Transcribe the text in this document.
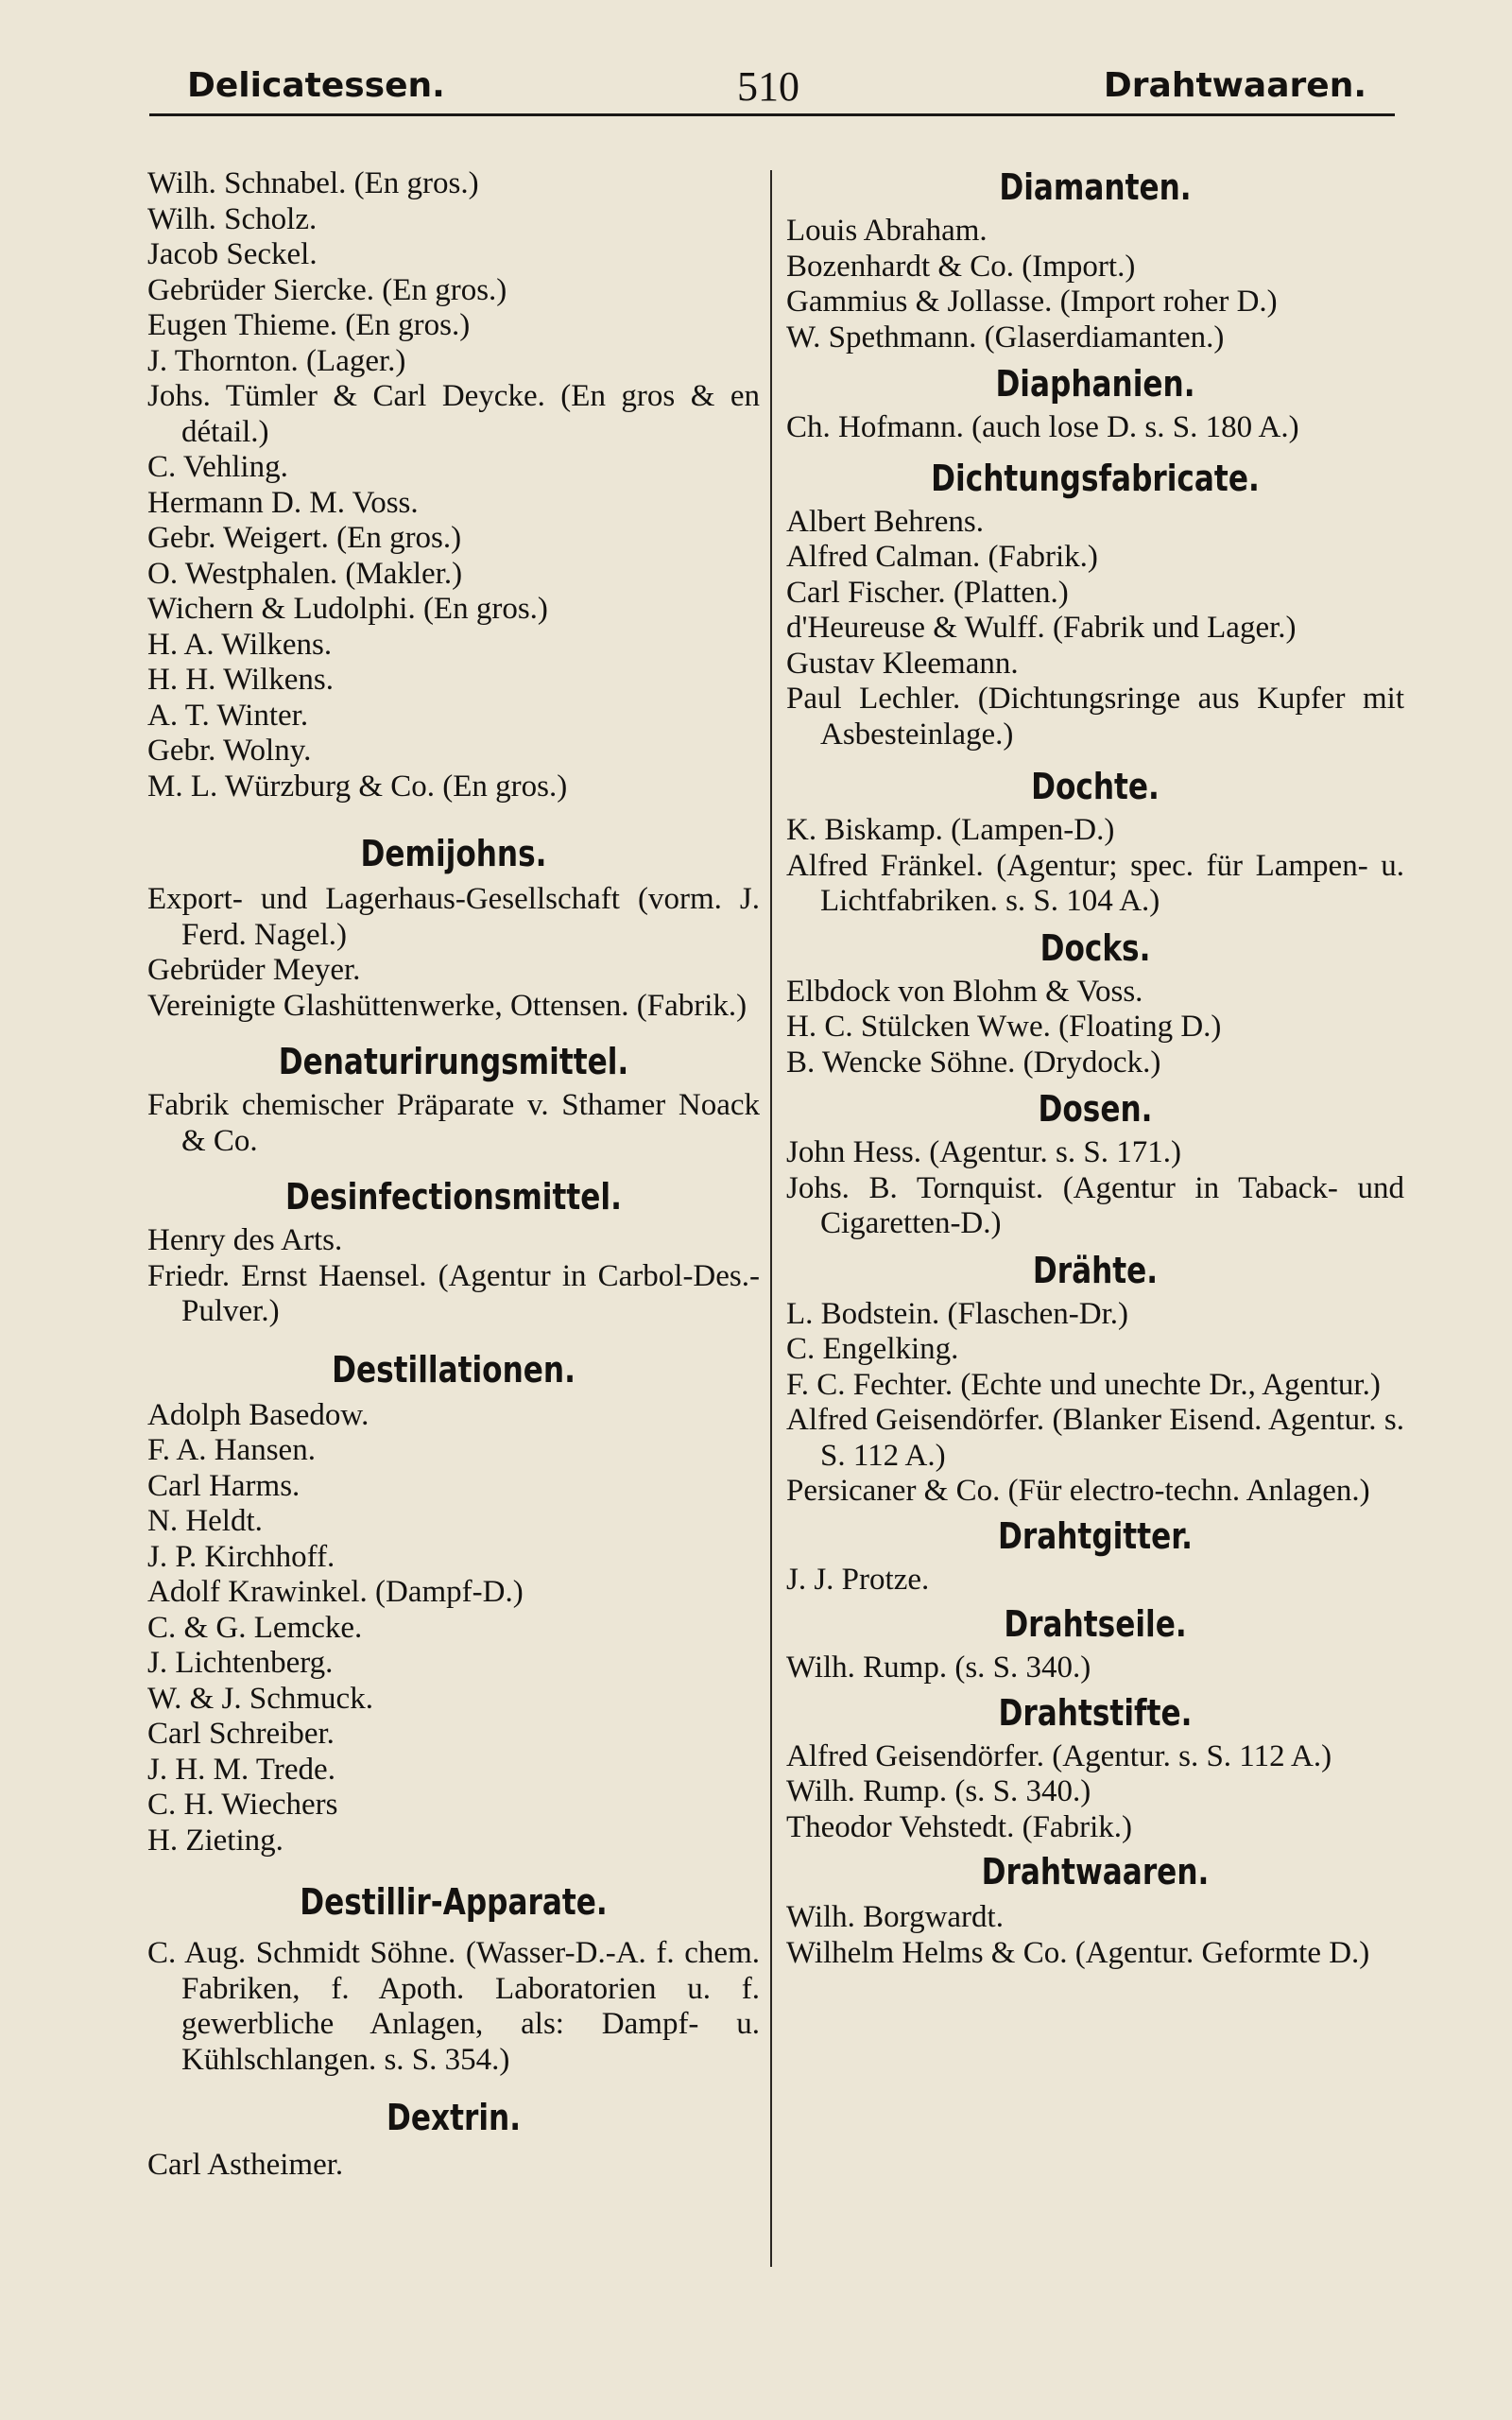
Delicatessen.	510	Drahtwaaren.

Wilh. Schnabel. (En gros.)

Wilh. Scholz.

Jacob Seckel.

Gebrüder Siercke. (En gros.)

Eugen Thieme. (En gros.)

J. Thornton. (Lager.)

Johs. Tümler & Carl Deycke. (En gros & en détail.)

C. Vehling.

Hermann D. M. Voss.

Gebr. Weigert. (En gros.)

O. Westphalen. (Makler.)

Wichern & Ludolphi. (En gros.)

H. A. Wilkens.

H. H. Wilkens.

A. T. Winter.

Gebr. Wolny.

M. L. Würzburg & Co. (En gros.)

Demijohns.

Export- und Lagerhaus-Gesellschaft (vorm. J. Ferd. Nagel.)

Gebrüder Meyer.

Vereinigte Glashüttenwerke, Ottensen. (Fabrik.)

Denaturirungsmittel.

Fabrik chemischer Präparate v. Sthamer Noack & Co.

Desinfectionsmittel.

Henry des Arts.

Friedr. Ernst Haensel. (Agentur in Carbol-Des.-Pulver.)

Destillationen.

Adolph Basedow.

F. A. Hansen.

Carl Harms.

N. Heldt.

J. P. Kirchhoff.

Adolf Krawinkel. (Dampf-D.)

C. & G. Lemcke.

J. Lichtenberg.

W. & J. Schmuck.

Carl Schreiber.

J. H. M. Trede.

C. H. Wiechers

H. Zieting.

Destillir-Apparate.

C. Aug. Schmidt Söhne. (Wasser-D.-A. f. chem. Fabriken, f. Apoth. Laboratorien u. f. gewerbliche Anlagen, als: Dampf- u. Kühlschlangen. s. S. 354.)

Dextrin.

Carl Astheimer.

Diamanten.

Louis Abraham.

Bozenhardt & Co. (Import.)

Gammius & Jollasse. (Import roher D.)

W. Spethmann. (Glaserdiamanten.)

Diaphanien.

Ch. Hofmann. (auch lose D. s. S. 180 A.)

Dichtungsfabricate.

Albert Behrens.

Alfred Calman. (Fabrik.)

Carl Fischer. (Platten.)

d'Heureuse & Wulff. (Fabrik und Lager.)

Gustav Kleemann.

Paul Lechler. (Dichtungsringe aus Kupfer mit Asbesteinlage.)

Dochte.

K. Biskamp. (Lampen-D.)

Alfred Fränkel. (Agentur; spec. für Lampen- u. Lichtfabriken. s. S. 104 A.)

Docks.

Elbdock von Blohm & Voss.

H. C. Stülcken Wwe. (Floating D.)

B. Wencke Söhne. (Drydock.)

Dosen.

John Hess. (Agentur. s. S. 171.)

Johs. B. Tornquist. (Agentur in Taback- und Cigaretten-D.)

Drähte.

L. Bodstein. (Flaschen-Dr.)

C. Engelking.

F. C. Fechter. (Echte und unechte Dr., Agentur.)

Alfred Geisendörfer. (Blanker Eisend. Agentur. s. S. 112 A.)

Persicaner & Co. (Für electro-techn. Anlagen.)

Drahtgitter.

J. J. Protze.

Drahtseile.

Wilh. Rump. (s. S. 340.)

Drahtstifte.

Alfred Geisendörfer. (Agentur. s. S. 112 A.)

Wilh. Rump. (s. S. 340.)

Theodor Vehstedt. (Fabrik.)

Drahtwaaren.

Wilh. Borgwardt.

Wilhelm Helms & Co. (Agentur. Geformte D.)
